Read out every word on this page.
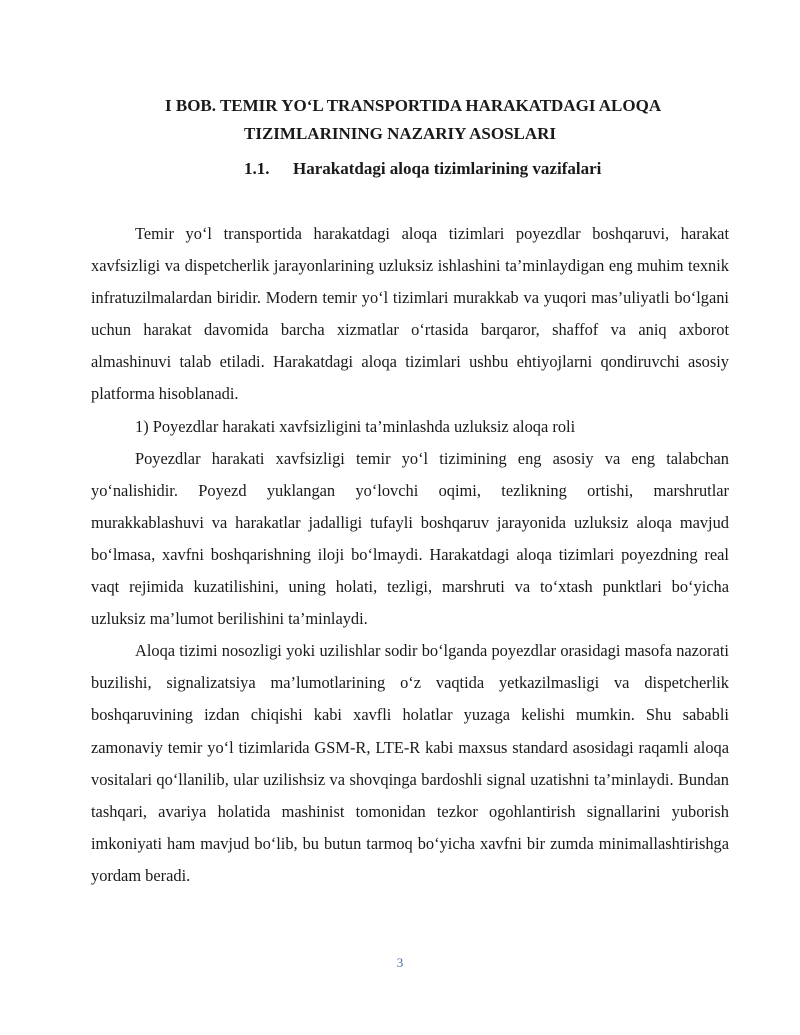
I BOB. TEMIR YO‘L TRANSPORTIDA HARAKATDAGI ALOQA
TIZIMLARINING NAZARIY ASOSLARI
1.1. Harakatdagi aloqa tizimlarining vazifalari

Temir yo‘l transportida harakatdagi aloqa tizimlari poyezdlar boshqaruvi, harakat xavfsizligi va dispetcherlik jarayonlarining uzluksiz ishlashini ta’minlaydigan eng muhim texnik infratuzilmalardan biridir. Modern temir yo‘l tizimlari murakkab va yuqori mas’uliyatli bo‘lgani uchun harakat davomida barcha xizmatlar o‘rtasida barqaror, shaffof va aniq axborot almashinuvi talab etiladi. Harakatdagi aloqa tizimlari ushbu ehtiyojlarni qondiruvchi asosiy platforma hisoblanadi.

1) Poyezdlar harakati xavfsizligini ta’minlashda uzluksiz aloqa roli

Poyezdlar harakati xavfsizligi temir yo‘l tizimining eng asosiy va eng talabchan yo‘nalishidir. Poyezd yuklangan yo‘lovchi oqimi, tezlikning ortishi, marshrutlar murakkablashuvi va harakatlar jadalligi tufayli boshqaruv jarayonida uzluksiz aloqa mavjud bo‘lmasa, xavfni boshqarishning iloji bo‘lmaydi. Harakatdagi aloqa tizimlari poyezdning real vaqt rejimida kuzatilishini, uning holati, tezligi, marshruti va to‘xtash punktlari bo‘yicha uzluksiz ma’lumot berilishini ta’minlaydi.

Aloqa tizimi nosozligi yoki uzilishlar sodir bo‘lganda poyezdlar orasidagi masofa nazorati buzilishi, signalizatsiya ma’lumotlarining o‘z vaqtida yetkazilmasligi va dispetcherlik boshqaruvining izdan chiqishi kabi xavfli holatlar yuzaga kelishi mumkin. Shu sababli zamonaviy temir yo‘l tizimlarida GSM-R, LTE-R kabi maxsus standard asosidagi raqamli aloqa vositalari qo‘llanilib, ular uzilishsiz va shovqinga bardoshli signal uzatishni ta’minlaydi. Bundan tashqari, avariya holatida mashinist tomonidan tezkor ogohlantirish signallarini yuborish imkoniyati ham mavjud bo‘lib, bu butun tarmoq bo‘yicha xavfni bir zumda minimallashtirishga yordam beradi.

3
